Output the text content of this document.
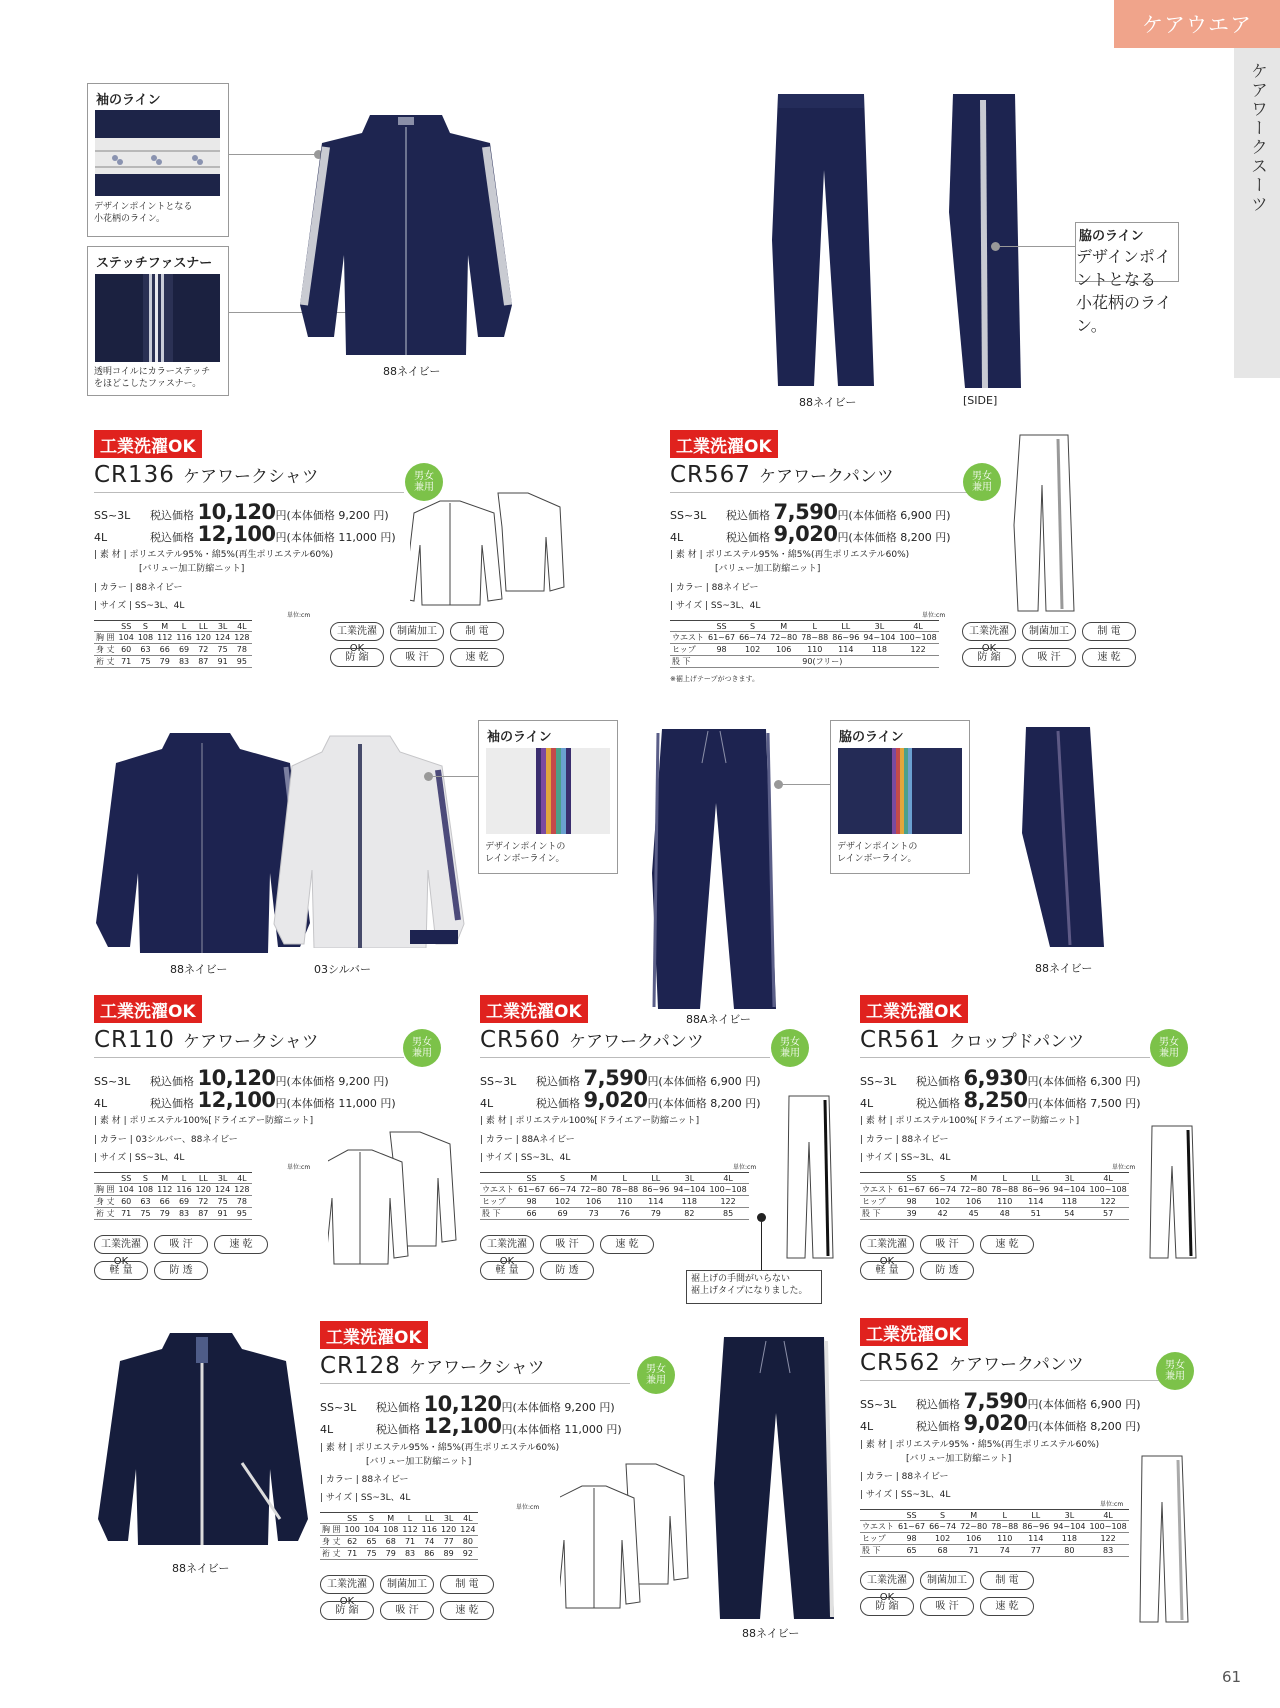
ケアウエア
ケアワークスーツ
61
袖のライン
デザインポイントとなる
小花柄のライン。
ステッチファスナー
透明コイルにカラーステッチ
をほどこしたファスナー。
88ネイビー
88ネイビー	[SIDE]
脇のライン
デザインポイントとなる
小花柄のライン。
工業洗濯OK
CR136 ケアワークシャツ	男女
兼用
SS~3L 税込価格 10,120円(本体価格 9,200 円)
4L	税込価格 12,100円(本体価格 11,000 円)
| 素 材 | ポリエステル95%・綿5%(再生ポリエステル60%)
[バリュー加工防縮ニット]
| カラー | 88ネイビー
| サイズ | SS~3L、4L
単位:cm
	SS	S	M	L	LL	3L	4L
胸 囲	104	108	112	116	120	124	128
身 丈	60	63	66	69	72	75	78
裄 丈	71	75	79	83	87	91	95
工業洗濯OK
制菌加工	制 電
防 縮	吸 汗	速 乾
工業洗濯OK
CR567 ケアワークパンツ	男女
兼用
SS~3L 税込価格 7,590円(本体価格 6,900 円)
4L	税込価格 9,020円(本体価格 8,200 円)
| 素 材 | ポリエステル95%・綿5%(再生ポリエステル60%)
[バリュー加工防縮ニット]
| カラー | 88ネイビー
| サイズ | SS~3L、4L
単位:cm
	SS	S	M	L	LL	3L	4L
ウエスト	61~67	66~74	72~80	78~88	86~96	94~104	100~108
ヒップ	98	102	106	110	114	118	122
股 下	90(フリー)						
※裾上げテープがつきます。
工業洗濯OK
制菌加工	制 電
防 縮	吸 汗	速 乾
88ネイビー	03シルバー
袖のライン
デザインポイントの
レインボーライン。
88Aネイビー
脇のライン
デザインポイントの
レインボーライン。
88ネイビー
工業洗濯OK
CR110 ケアワークシャツ	男女
兼用
SS~3L 税込価格 10,120円(本体価格 9,200 円)
4L	税込価格 12,100円(本体価格 11,000 円)
| 素 材 | ポリエステル100%[ドライエアー防縮ニット]
| カラー | 03シルバー、88ネイビー
| サイズ | SS~3L、4L
単位:cm
	SS	S	M	L	LL	3L	4L
胸 囲	104	108	112	116	120	124	128
身 丈	60	63	66	69	72	75	78
裄 丈	71	75	79	83	87	91	95
工業洗濯OK
吸 汗	速 乾
軽 量	防 透
工業洗濯OK
CR560 ケアワークパンツ	男女
兼用
SS~3L 税込価格 7,590円(本体価格 6,900 円)
4L	税込価格 9,020円(本体価格 8,200 円)
| 素 材 | ポリエステル100%[ドライエアー防縮ニット]
| カラー | 88Aネイビー
| サイズ | SS~3L、4L
単位:cm
	SS	S	M	L	LL	3L	4L
ウエスト	61~67	66~74	72~80	78~88	86~96	94~104	100~108
ヒップ	98	102	106	110	114	118	122
股 下	66	69	73	76	79	82	85
裾上げの手間がいらない
裾上げタイプになりました。
工業洗濯OK
吸 汗	速 乾
軽 量	防 透
工業洗濯OK
CR561 クロップドパンツ	男女
兼用
SS~3L 税込価格 6,930円(本体価格 6,300 円)
4L	税込価格 8,250円(本体価格 7,500 円)
| 素 材 | ポリエステル100%[ドライエアー防縮ニット]
| カラー | 88ネイビー
| サイズ | SS~3L、4L
単位:cm
	SS	S	M	L	LL	3L	4L
ウエスト	61~67	66~74	72~80	78~88	86~96	94~104	100~108
ヒップ	98	102	106	110	114	118	122
股 下	39	42	45	48	51	54	57
工業洗濯OK
吸 汗	速 乾
軽 量	防 透
88ネイビー
工業洗濯OK
CR128 ケアワークシャツ	男女
兼用
SS~3L 税込価格 10,120円(本体価格 9,200 円)
4L	税込価格 12,100円(本体価格 11,000 円)
| 素 材 | ポリエステル95%・綿5%(再生ポリエステル60%)
[バリュー加工防縮ニット]
| カラー | 88ネイビー
| サイズ | SS~3L、4L
単位:cm
	SS	S	M	L	LL	3L	4L
胸 囲	100	104	108	112	116	120	124
身 丈	62	65	68	71	74	77	80
裄 丈	71	75	79	83	86	89	92
工業洗濯OK
制菌加工	制 電
防 縮	吸 汗	速 乾
88ネイビー
工業洗濯OK
CR562 ケアワークパンツ	男女
兼用
SS~3L 税込価格 7,590円(本体価格 6,900 円)
4L	税込価格 9,020円(本体価格 8,200 円)
| 素 材 | ポリエステル95%・綿5%(再生ポリエステル60%)
[バリュー加工防縮ニット]
| カラー | 88ネイビー
| サイズ | SS~3L、4L
単位:cm
	SS	S	M	L	LL	3L	4L
ウエスト	61~67	66~74	72~80	78~88	86~96	94~104	100~108
ヒップ	98	102	106	110	114	118	122
股 下	65	68	71	74	77	80	83
工業洗濯OK
制菌加工	制 電
防 縮	吸 汗	速 乾
